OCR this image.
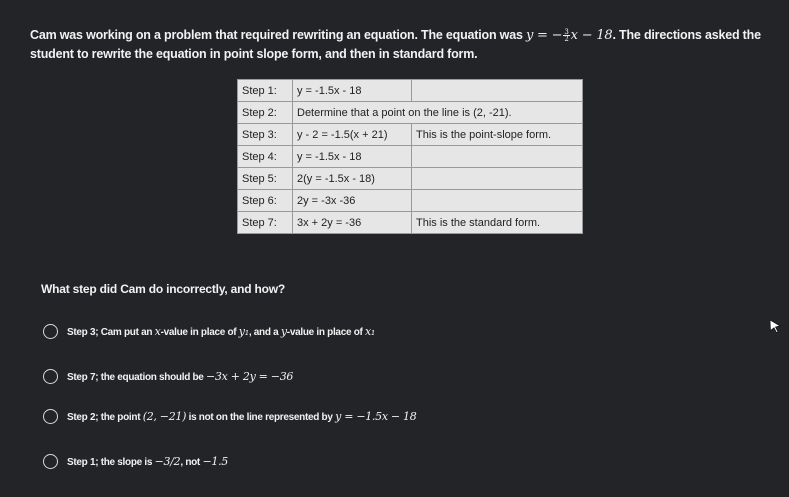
Cam was working on a problem that required rewriting an equation. The equation was y = − $\frac{3}{2}$ x − 18. The directions asked the student to rewrite the equation in point slope form, and then in standard form.
Step 1:	y = -1.5x - 18	
Step 2:	Determine that a point on the line is (2, -21).	
Step 3:	y - 2 = -1.5(x + 21)	This is the point-slope form.
Step 4:	y = -1.5x - 18	
Step 5:	2(y = -1.5x - 18)	
Step 6:	2y = -3x -36	
Step 7:	3x + 2y = -36	This is the standard form.
What step did Cam do incorrectly, and how?
Step 3; Cam put an x-value in place of y₁, and a y-value in place of x₁
Step 7; the equation should be −3x + 2y = −36
Step 2; the point (2, −21) is not on the line represented by y = −1.5x − 18
Step 1; the slope is −3/2, not −1.5
